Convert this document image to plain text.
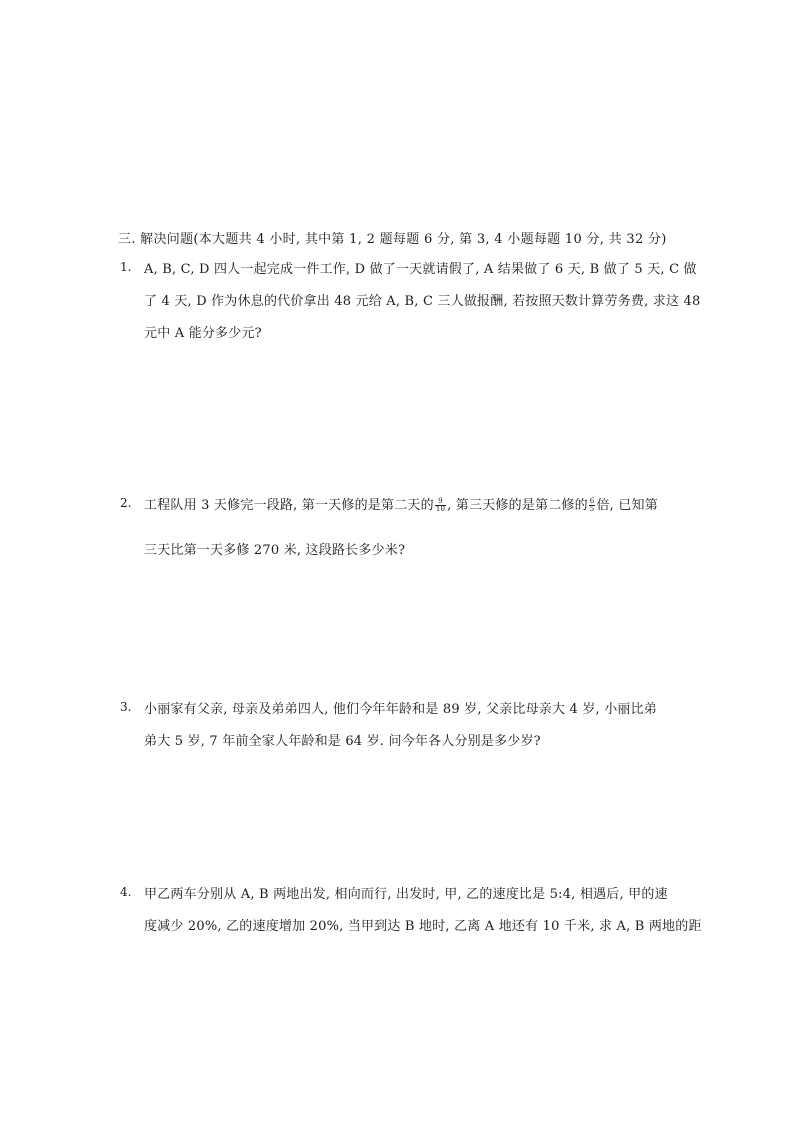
三. 解决问题(本大题共 4 小时, 其中第 1, 2 题每题 6 分, 第 3, 4 小题每题 10 分, 共 32 分)
1. A, B, C, D 四人一起完成一件工作, D 做了一天就请假了, A 结果做了 6 天, B 做了 5 天, C 做
了 4 天, D 作为休息的代价拿出 48 元给 A, B, C 三人做报酬, 若按照天数计算劳务费, 求这 48
元中 A 能分多少元?
2. 工程队用 3 天修完一段路, 第一天修的是第二天的 $\frac{9}{10}$ , 第三天修的是第二修的 $\frac{6}{5}$ 倍, 已知第
三天比第一天多修 270 米, 这段路长多少米?
3. 小丽家有父亲, 母亲及弟弟四人, 他们今年年龄和是 89 岁, 父亲比母亲大 4 岁, 小丽比弟
弟大 5 岁, 7 年前全家人年龄和是 64 岁. 问今年各人分别是多少岁?
4. 甲乙两车分别从 A, B 两地出发, 相向而行, 出发时, 甲, 乙的速度比是 5:4, 相遇后, 甲的速
度减少 20%, 乙的速度增加 20%, 当甲到达 B 地时, 乙离 A 地还有 10 千米, 求 A, B 两地的距
